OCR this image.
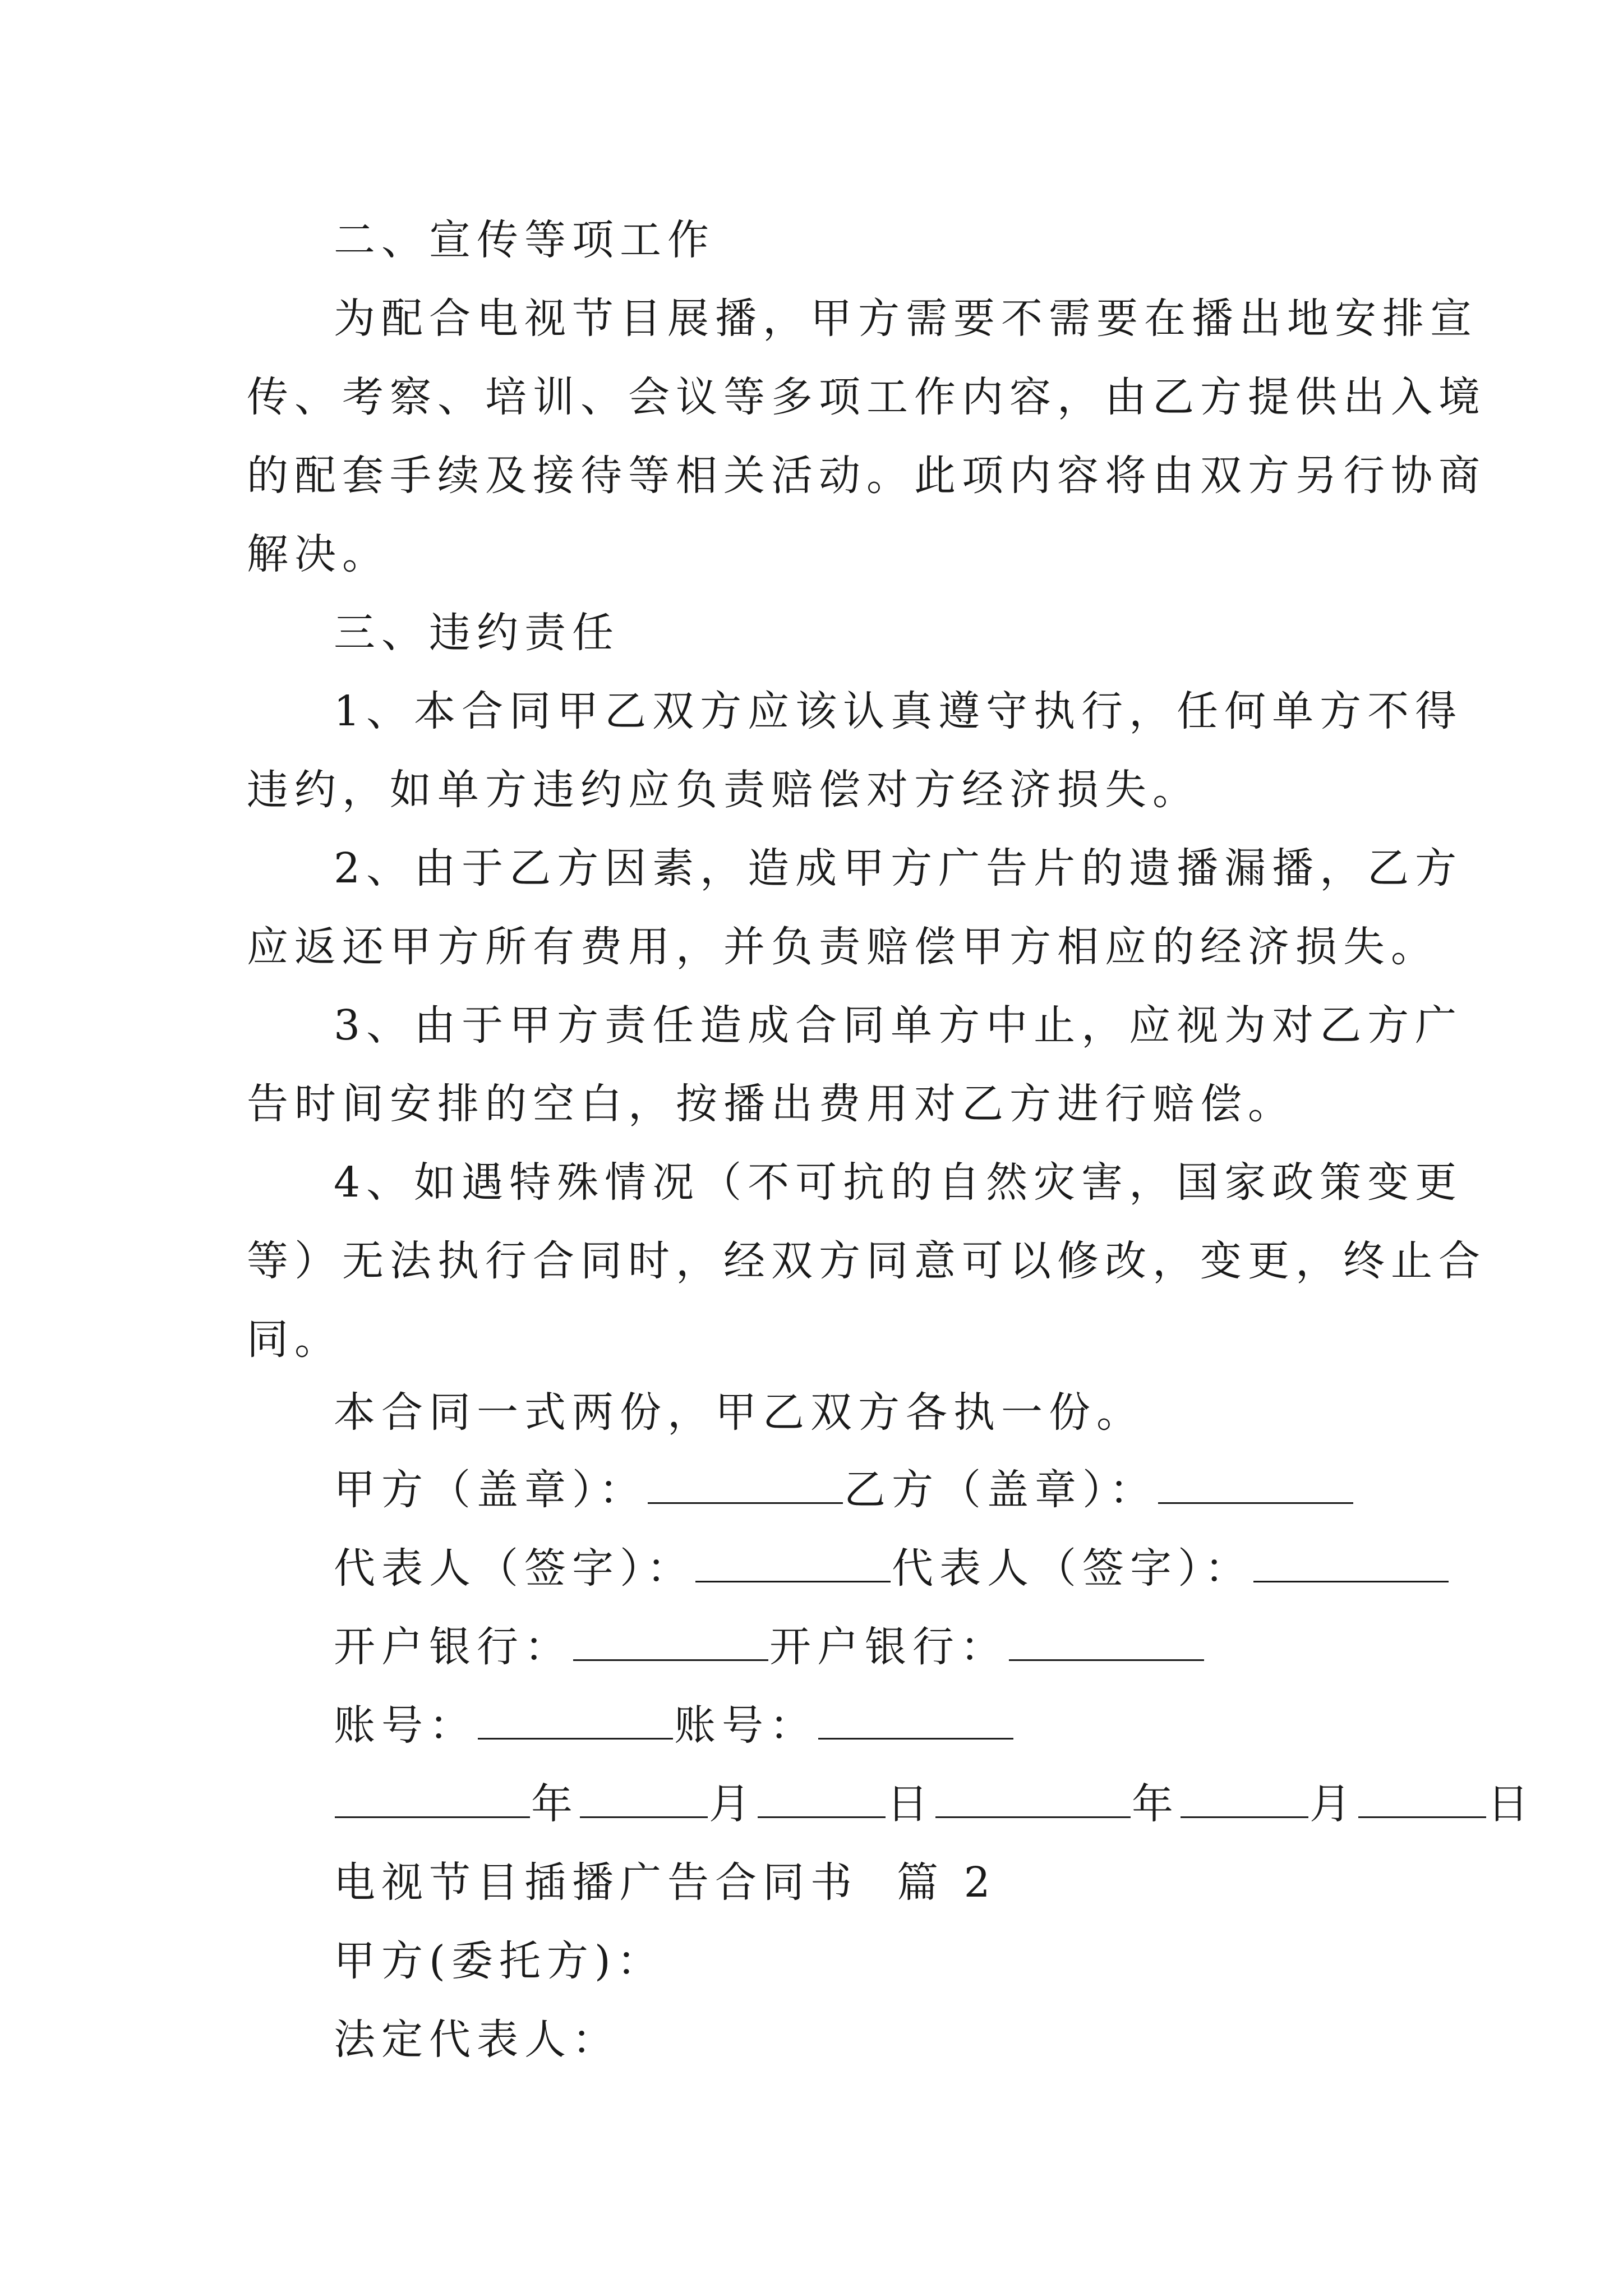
二、宣传等项工作
为配合电视节目展播，甲方需要不需要在播出地安排宣
传、考察、培训、会议等多项工作内容，由乙方提供出入境
的配套手续及接待等相关活动。此项内容将由双方另行协商
解决。
三、违约责任
1、本合同甲乙双方应该认真遵守执行，任何单方不得
违约，如单方违约应负责赔偿对方经济损失。
2、由于乙方因素，造成甲方广告片的遗播漏播，乙方
应返还甲方所有费用，并负责赔偿甲方相应的经济损失。
3、由于甲方责任造成合同单方中止，应视为对乙方广
告时间安排的空白，按播出费用对乙方进行赔偿。
4、如遇特殊情况（不可抗的自然灾害，国家政策变更
等）无法执行合同时，经双方同意可以修改，变更，终止合
同。
本合同一式两份，甲乙双方各执一份。
甲方（盖章）：	乙方（盖章）：
代表人（签字）：	代表人（签字）：
开户银行：	开户银行：
账号：	账号：
年	月	日	年	月	日
电视节目插播广告合同书  篇 2
甲方(委托方)：
法定代表人：
